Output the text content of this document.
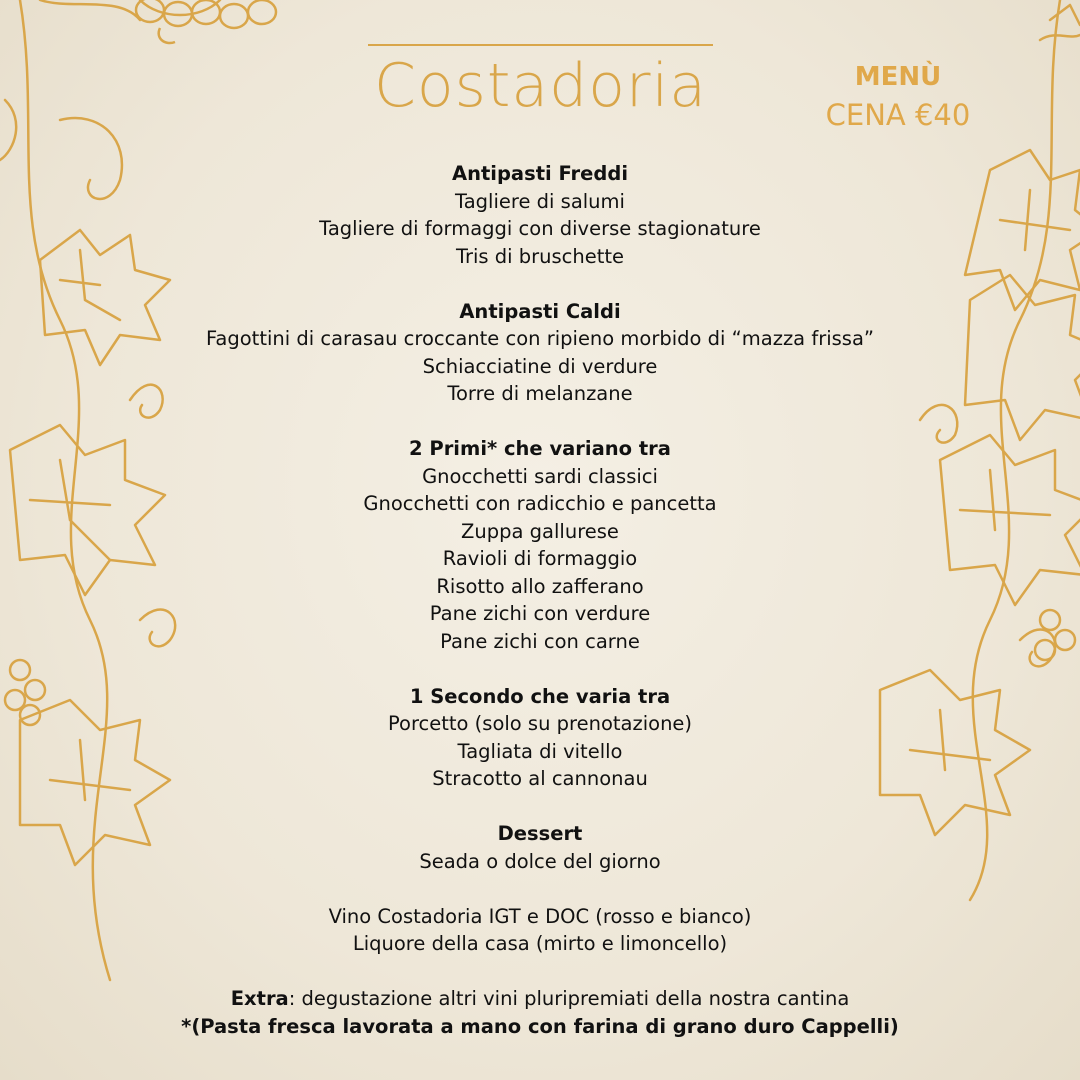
Costadoria	MENÙ
CENA €40
Antipasti Freddi

Tagliere di salumi

Tagliere di formaggi con diverse stagionature

Tris di bruschette

Antipasti Caldi

Fagottini di carasau croccante con ripieno morbido di “mazza frissa”

Schiacciatine di verdure

Torre di melanzane

2 Primi* che variano tra

Gnocchetti sardi classici

Gnocchetti con radicchio e pancetta

Zuppa gallurese

Ravioli di formaggio

Risotto allo zafferano

Pane zichi con verdure

Pane zichi con carne

1 Secondo che varia tra

Porcetto (solo su prenotazione)

Tagliata di vitello

Stracotto al cannonau

Dessert

Seada o dolce del giorno

Vino Costadoria IGT e DOC (rosso e bianco)

Liquore della casa (mirto e limoncello)

Extra: degustazione altri vini pluripremiati della nostra cantina

*(Pasta fresca lavorata a mano con farina di grano duro Cappelli)
